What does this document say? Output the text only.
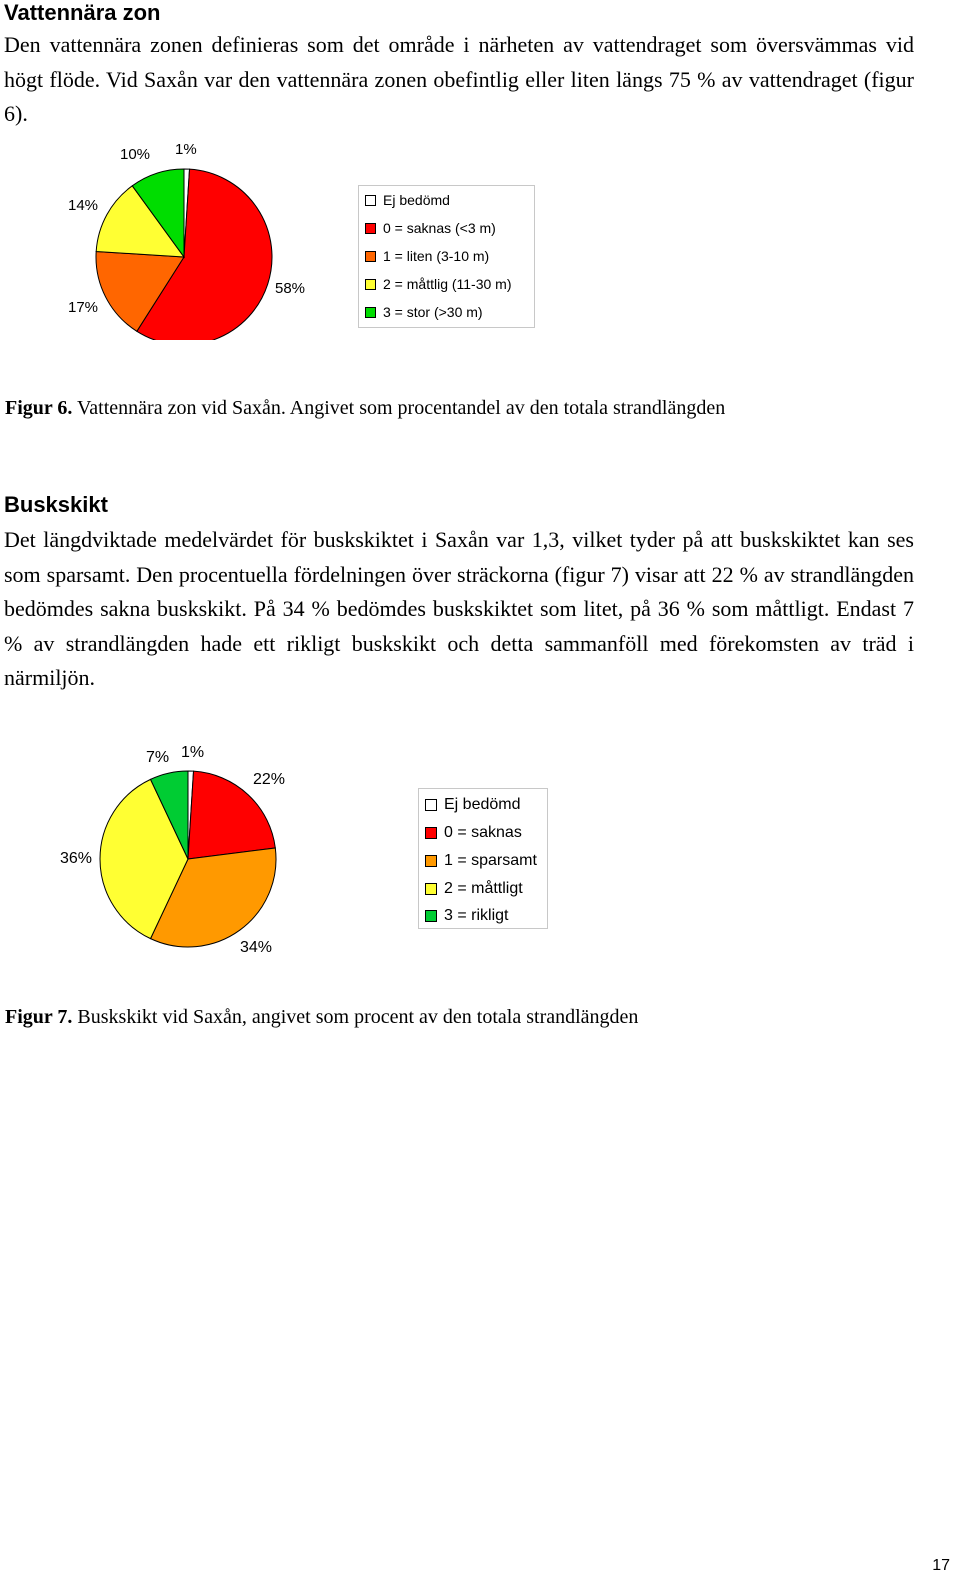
Vattennära zon

Den vattennära zonen definieras som det område i närheten av vattendraget som översvämmas vid högt flöde. Vid Saxån var den vattennära zonen obefintlig eller liten längs 75 % av vattendraget (figur 6).

10% 1%
14%
17%
58%
Ej bedömd
0 = saknas (<3 m)
1 = liten (3-10 m)
2 = måttlig (11-30 m)
3 = stor (>30 m)
Figur 6. Vattennära zon vid Saxån. Angivet som procentandel av den totala strandlängden
Buskskikt

Det längdviktade medelvärdet för buskskiktet i Saxån var 1,3, vilket tyder på att buskskiktet kan ses som sparsamt. Den procentuella fördelningen över sträckorna (figur 7) visar att 22 % av strandlängden bedömdes sakna buskskikt. På 34 % bedömdes buskskiktet som litet, på 36 % som måttligt. Endast 7 % av strandlängden hade ett rikligt buskskikt och detta sammanföll med förekomsten av träd i närmiljön.

7% 1%
22%
36%
34%
Ej bedömd
0 = saknas
1 = sparsamt
2 = måttligt
3 = rikligt
Figur 7. Buskskikt vid Saxån, angivet som procent av den totala strandlängden
17
